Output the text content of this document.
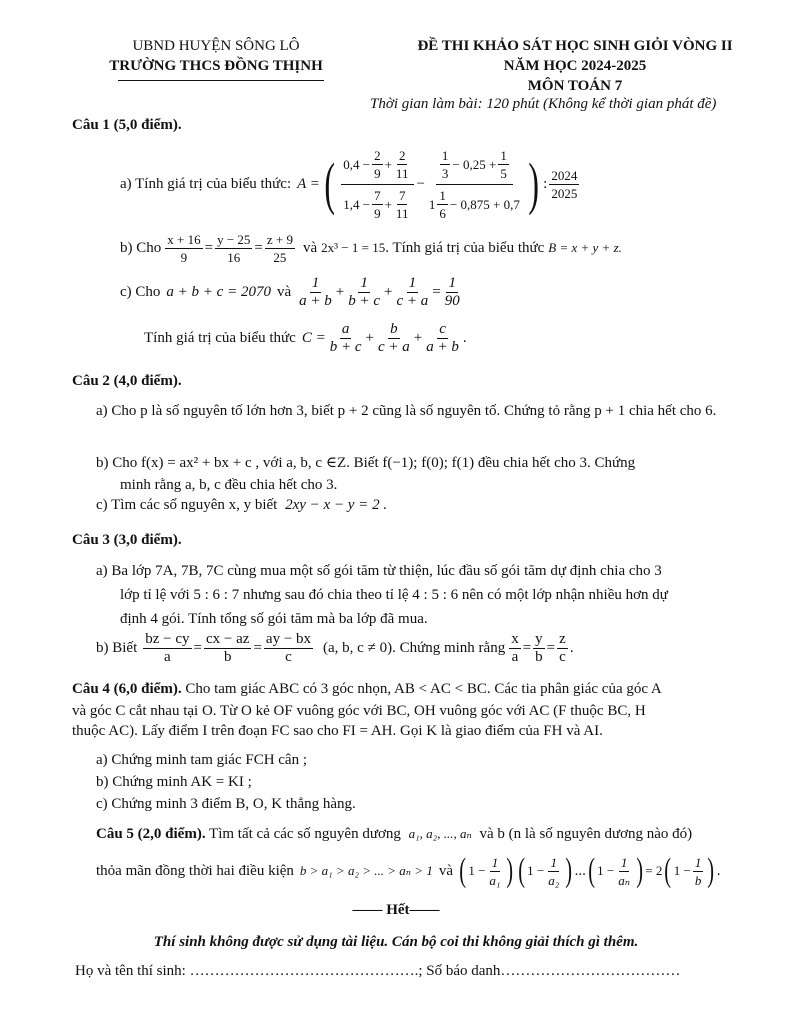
UBND HUYỆN SÔNG LÔ
TRƯỜNG THCS ĐỒNG THỊNH
ĐỀ THI KHẢO SÁT HỌC SINH GIỎI VÒNG II
NĂM HỌC 2024-2025
MÔN TOÁN 7
Thời gian làm bài: 120 phút (Không kể thời gian phát đề)
Câu 1 (5,0 điểm).
a) Tính giá trị của biểu thức: A = ( $\frac{0,4 - \frac{2}{9} + \frac{2}{11}}{1,4 - \frac{7}{9} + \frac{7}{11}} - \frac{\frac{1}{3} - 0,25 + \frac{1}{5}}{1 \frac{1}{6} - 0,875 + 0,7}$ ) : $\frac{2024}{2025}$
b) Cho $\frac{x + 16}{9} = \frac{y - 25}{16} = \frac{z + 9}{25}$ và 2x³ − 1 = 15 . Tính giá trị của biểu thức B = x + y + z.
c) Cho a + b + c = 2070 và $\frac{1}{a + b} + \frac{1}{b + c} + \frac{1}{c + a} = \frac{1}{90}$
Tính giá trị của biểu thức $C = \frac{a}{b + c} + \frac{b}{c + a} + \frac{c}{a + b}$ .
Câu 2 (4,0 điểm).
a) Cho p là số nguyên tố lớn hơn 3, biết p + 2 cũng là số nguyên tố. Chứng tỏ rằng p + 1 chia hết cho 6.
b) Cho f(x) = ax² + bx + c , với a, b, c ∈Z. Biết f(−1); f(0); f(1) đều chia hết cho 3. Chứng
minh rằng a, b, c đều chia hết cho 3.
c) Tìm các số nguyên x, y biết 2xy − x − y = 2 .
Câu 3 (3,0 điểm).
a) Ba lớp 7A, 7B, 7C cùng mua một số gói tăm từ thiện, lúc đầu số gói tăm dự định chia cho 3
lớp tỉ lệ với 5 : 6 : 7 nhưng sau đó chia theo tỉ lệ 4 : 5 : 6 nên có một lớp nhận nhiều hơn dự
định 4 gói. Tính tổng số gói tăm mà ba lớp đã mua.
b) Biết $\frac{bz - cy}{a} = \frac{cx - az}{b} = \frac{ay - bx}{c} (a$, b, c ≠ 0). Chứng minh rằng $\frac{x}{a} = \frac{y}{b} = \frac{z}{c}$ .
Câu 4 (6,0 điểm). Cho tam giác ABC có 3 góc nhọn, AB < AC < BC. Các tia phân giác của góc A
và góc C cắt nhau tại O. Từ O kẻ OF vuông góc với BC, OH vuông góc với AC (F thuộc BC, H
thuộc AC). Lấy điểm I trên đoạn FC sao cho FI = AH. Gọi K là giao điểm của FH và AI.
a) Chứng minh tam giác FCH cân ;
b) Chứng minh AK = KI ;
c) Chứng minh 3 điểm B, O, K thẳng hàng.
Câu 5 (2,0 điểm). Tìm tất cả các số nguyên dương a₁, a₂, ..., aₙ và b (n là số nguyên dương nào đó)
thỏa mãn đồng thời hai điều kiện b > a₁ > a₂ > ... > aₙ > 1 và ( $1 - \frac{1}{\text{a₁}}$ ) ( $1 - \frac{1}{\text{a₂}}$ ) ... ( $1 - \frac{1}{\text{aₙ}}$ ) = 2 ( $1 - \frac{1}{b}$ ) .
—— Hết——
Thí sinh không được sử dụng tài liệu. Cán bộ coi thi không giải thích gì thêm.
Họ và tên thí sinh: ……………………………………….; Số báo danh………………………………
